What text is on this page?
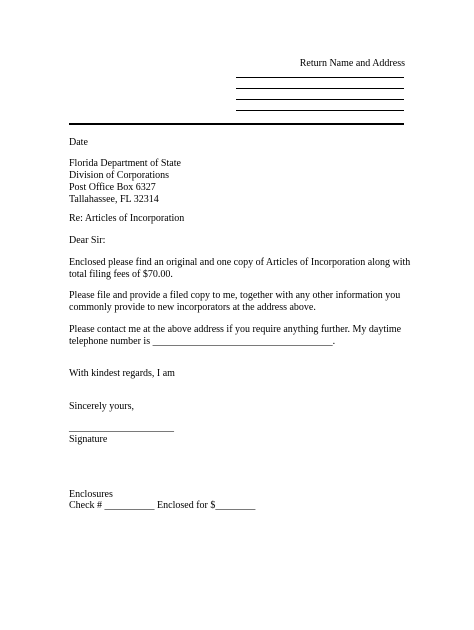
Return Name and Address
Date
Florida Department of State
Division of Corporations
Post Office Box 6327
Tallahassee, FL 32314
Re: Articles of Incorporation
Dear Sir:
Enclosed please find an original and one copy of Articles of Incorporation along with
total filing fees of $70.00.
Please file and provide a filed copy to me, together with any other information you
commonly provide to new incorporators at the address above.
Please contact me at the above address if you require anything further. My daytime
telephone number is ____________________________________.
With kindest regards, I am
Sincerely yours,
_____________________
Signature
Enclosures
Check # __________ Enclosed for $________
